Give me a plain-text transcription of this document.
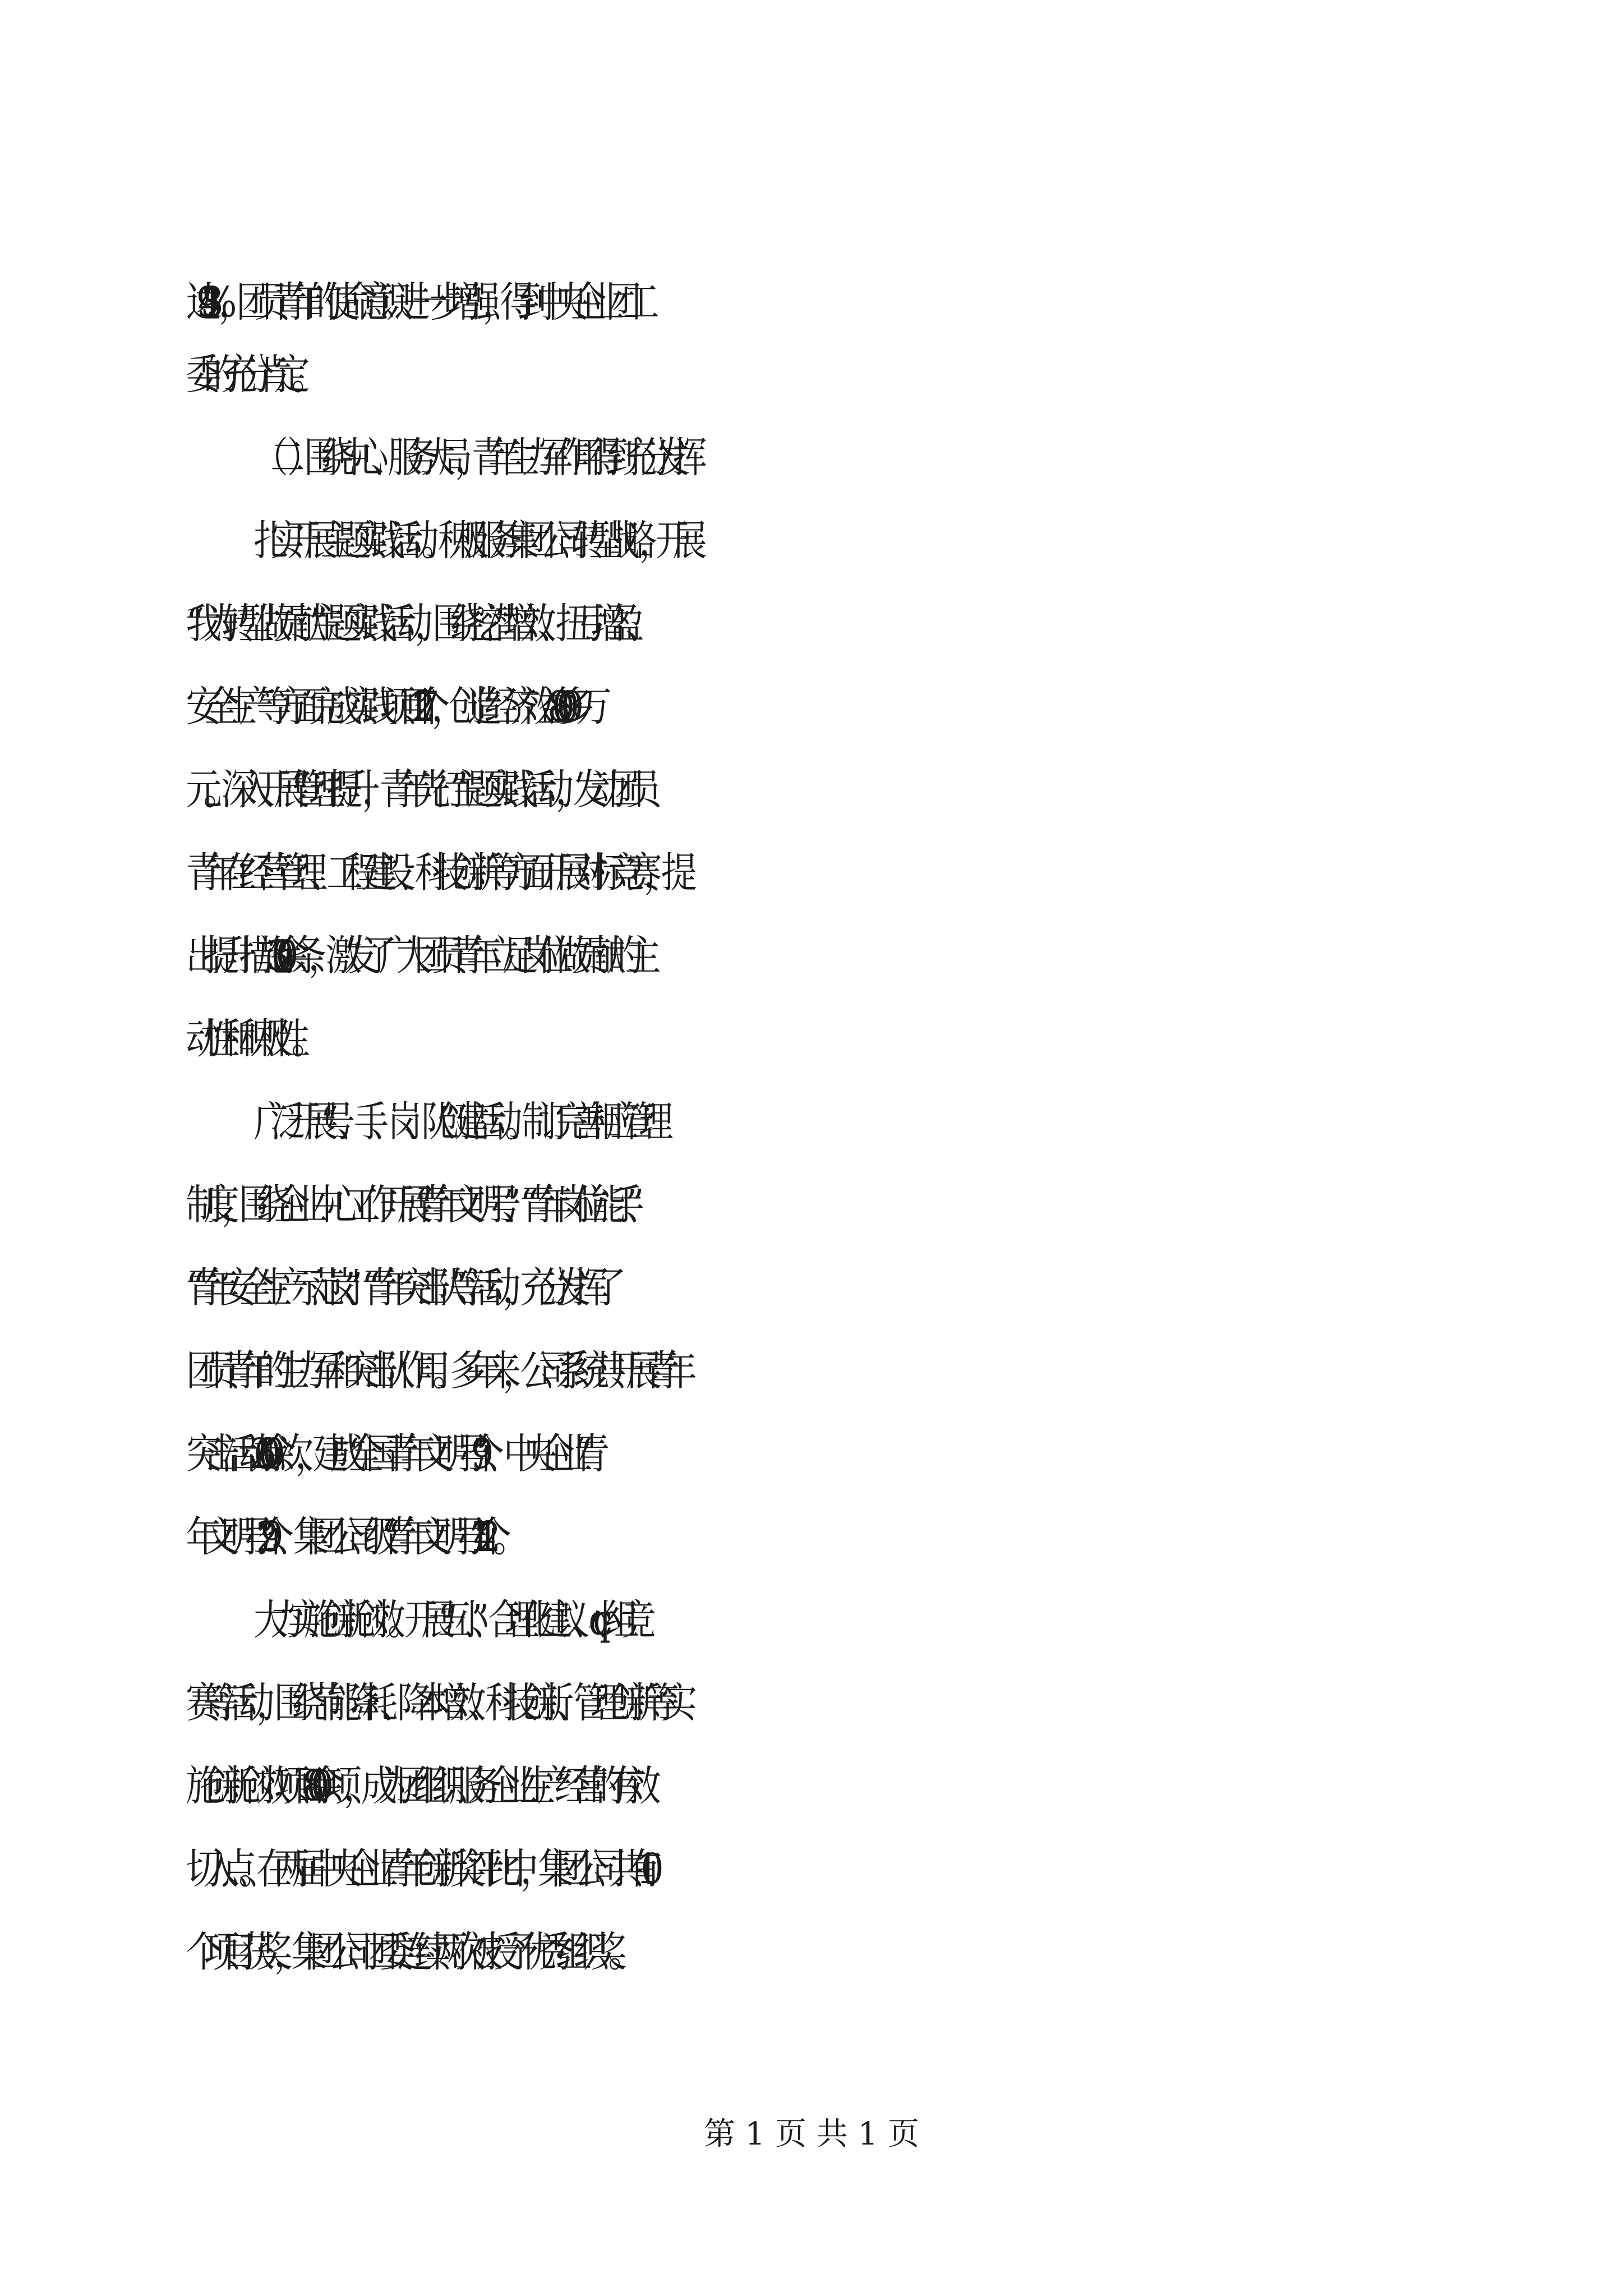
达 93.4%，团员青年的使命意识进一步增强，得到中央企业团工
委的充分肯定。
（二）围绕中心、服务大局，青年生力军作用得到充分发挥
扎实开展主题实践活动。积极服务集团公司转型战略，开展
“我为转型做贡献”主题实践活动，围绕挖潜增效、扭亏增盈、
安全生产等方面完成实践项目 127 个，创造经济效益 8000 多万
元。深入开展“管理提升，青年先行”主题实践活动，发动团员
青年在经营管理、工程建设、科技创新等方面开展对标竞赛，提
出提升措施 300 余条，激发了广大团员青年立足岗位做贡献的主
动性和积极性。
广泛开展“号、手、岗、队”创建活动。制订完善相应管理
制度，围绕企业中心工作开展“青年文明号”、“青年岗位能手”、
“青年安全生产示范岗”、“青年突击队”等活动，充分发挥了
团员青年的生力军和突击队作用。多年来，公司系统共开展青年
突击活动 2600 余次，建成“全国青年文明号”9 个、中央企业“青
年文明号”29 个、集团公司级“青年文明号”142 个。
大力实施创新创效。开展“五小”、合理化建议、qc 小组竞
赛等活动，围绕节能降耗、降本增效、科技创新、管理创新等实
施创新创效项目 800 余项，成为团组织服务企业生产经营的有效
切入点。在两届中央企业青年创新奖评比中，集团公司共有 10
个项目获奖，集团公司团委连续两次被授予优秀组织奖。
第 1 页 共 1 页
